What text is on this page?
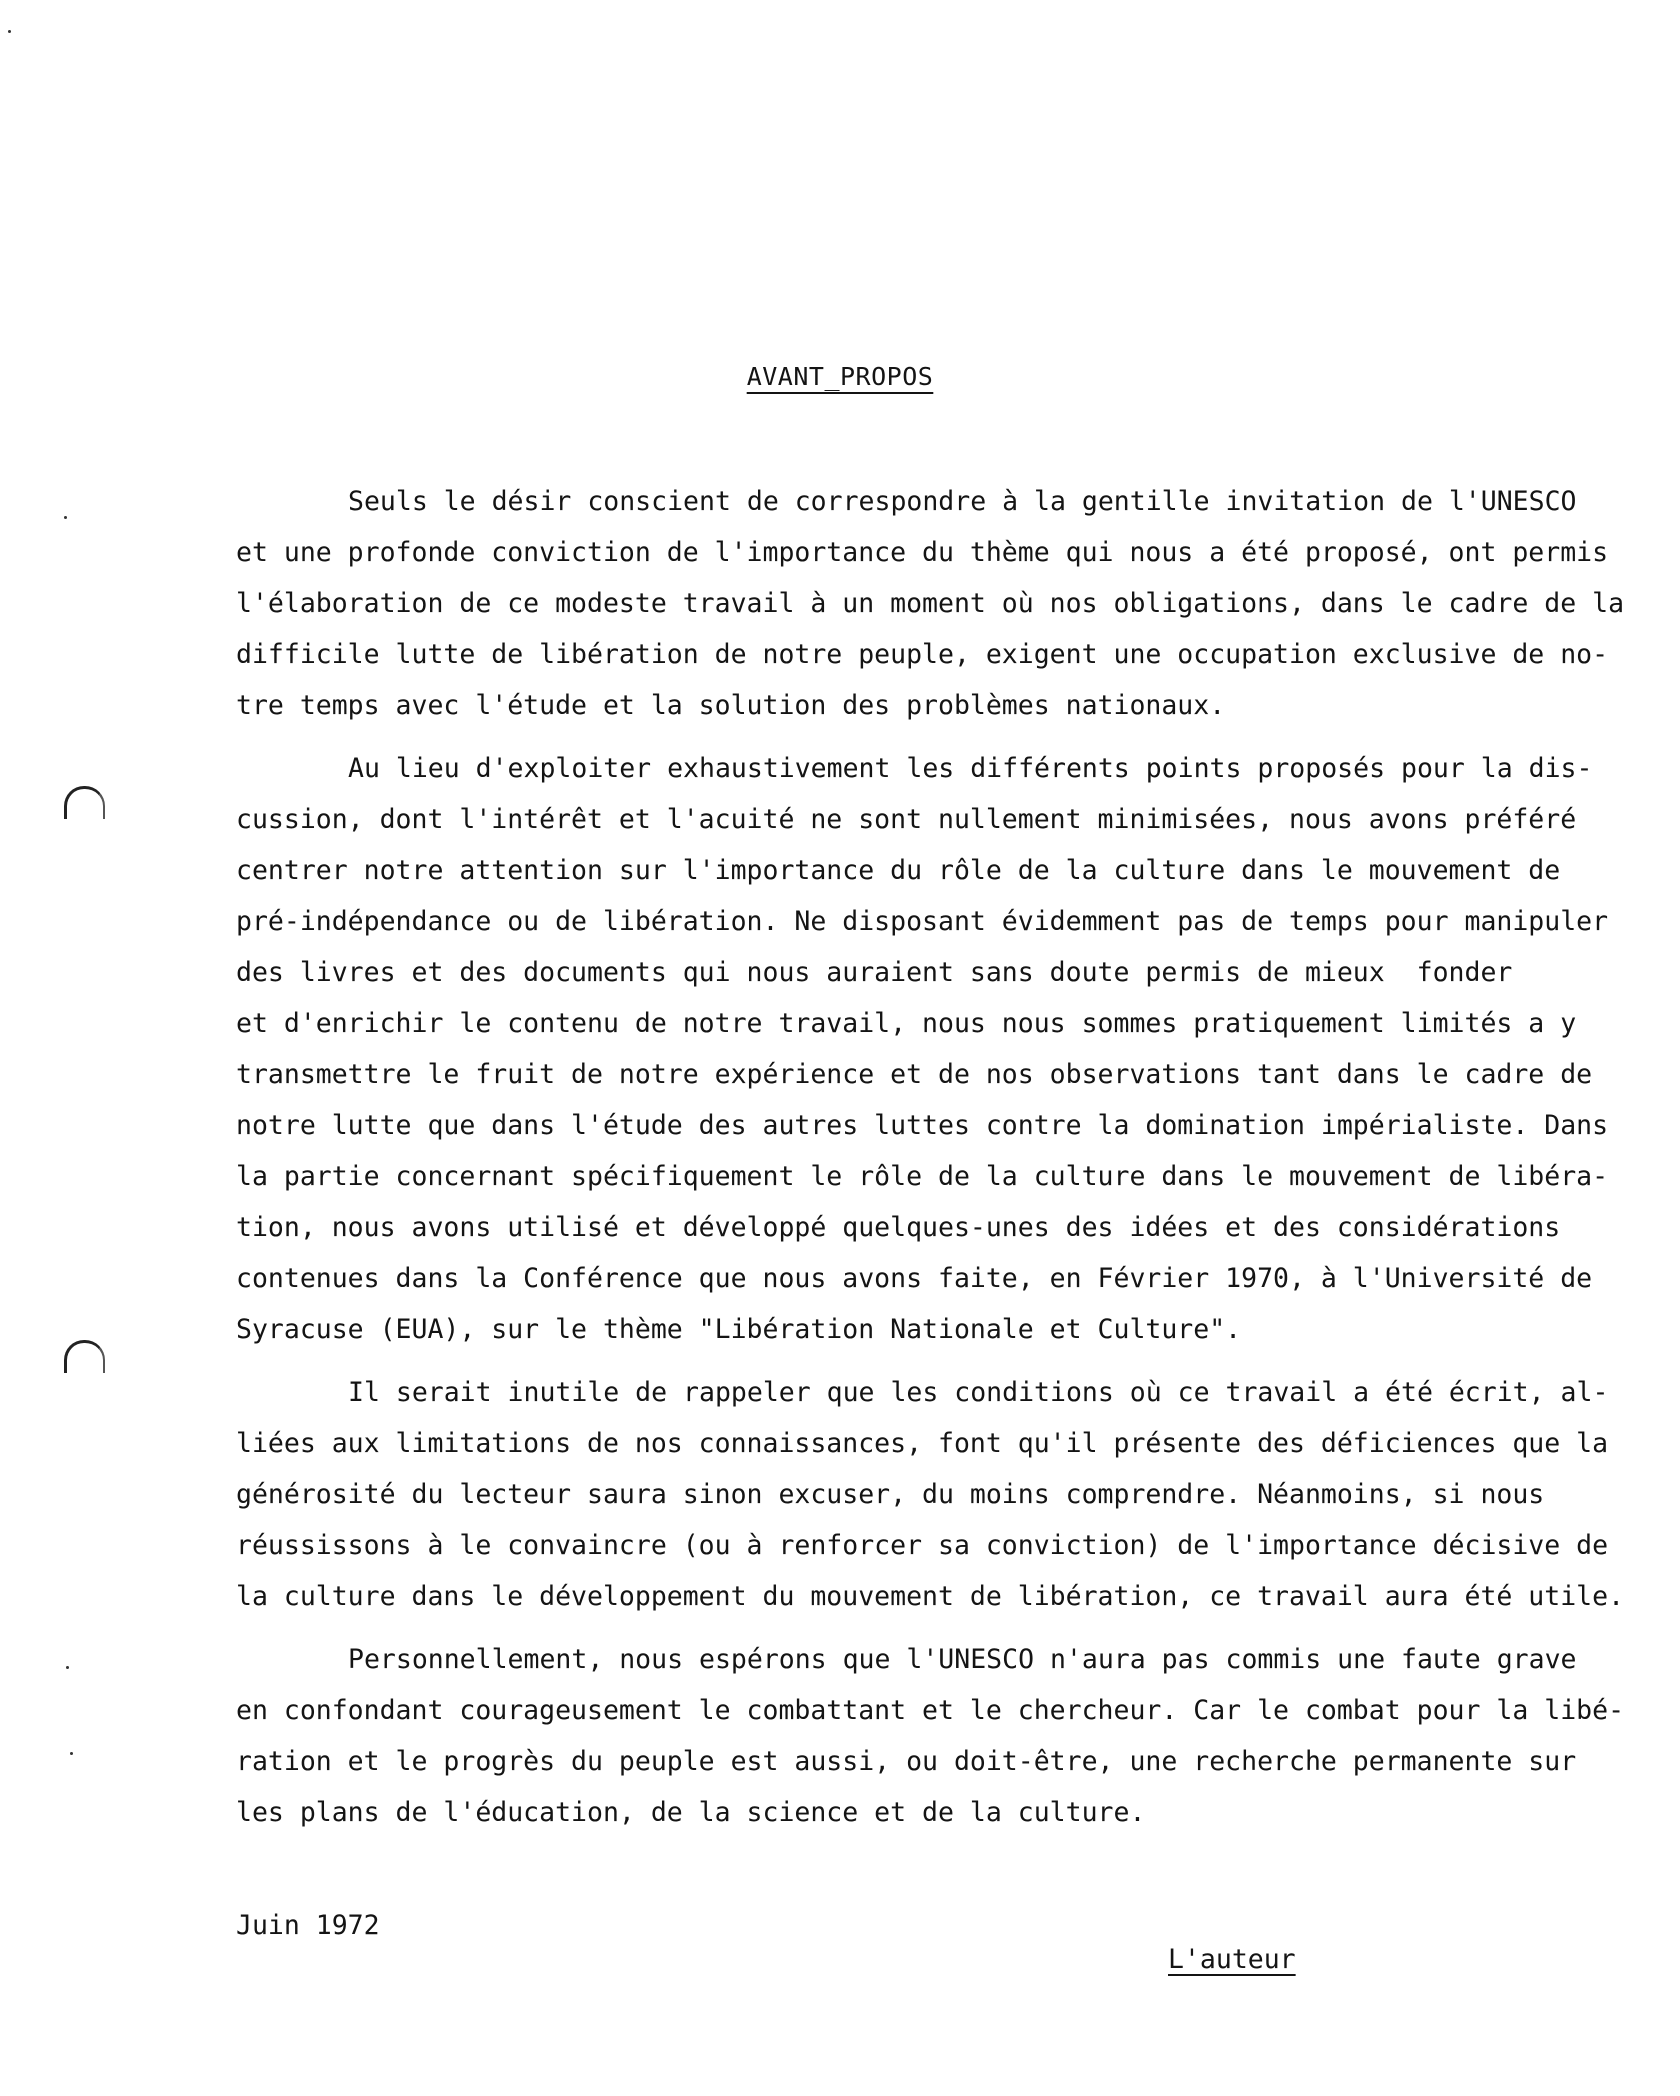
AVANT_PROPOS
Seuls le désir conscient de correspondre à la gentille invitation de l'UNESCO
et une profonde conviction de l'importance du thème qui nous a été proposé, ont permis
l'élaboration de ce modeste travail à un moment où nos obligations, dans le cadre de la
difficile lutte de libération de notre peuple, exigent une occupation exclusive de no-
tre temps avec l'étude et la solution des problèmes nationaux.
Au lieu d'exploiter exhaustivement les différents points proposés pour la dis-
cussion, dont l'intérêt et l'acuité ne sont nullement minimisées, nous avons préféré
centrer notre attention sur l'importance du rôle de la culture dans le mouvement de
pré-indépendance ou de libération. Ne disposant évidemment pas de temps pour manipuler
des livres et des documents qui nous auraient sans doute permis de mieux  fonder
et d'enrichir le contenu de notre travail, nous nous sommes pratiquement limités a y
transmettre le fruit de notre expérience et de nos observations tant dans le cadre de
notre lutte que dans l'étude des autres luttes contre la domination impérialiste. Dans
la partie concernant spécifiquement le rôle de la culture dans le mouvement de libéra-
tion, nous avons utilisé et développé quelques-unes des idées et des considérations
contenues dans la Conférence que nous avons faite, en Février 1970, à l'Université de
Syracuse (EUA), sur le thème "Libération Nationale et Culture".
Il serait inutile de rappeler que les conditions où ce travail a été écrit, al-
liées aux limitations de nos connaissances, font qu'il présente des déficiences que la
générosité du lecteur saura sinon excuser, du moins comprendre. Néanmoins, si nous
réussissons à le convaincre (ou à renforcer sa conviction) de l'importance décisive de
la culture dans le développement du mouvement de libération, ce travail aura été utile.
Personnellement, nous espérons que l'UNESCO n'aura pas commis une faute grave
en confondant courageusement le combattant et le chercheur. Car le combat pour la libé-
ration et le progrès du peuple est aussi, ou doit-être, une recherche permanente sur
les plans de l'éducation, de la science et de la culture.
Juin 1972
L'auteur
